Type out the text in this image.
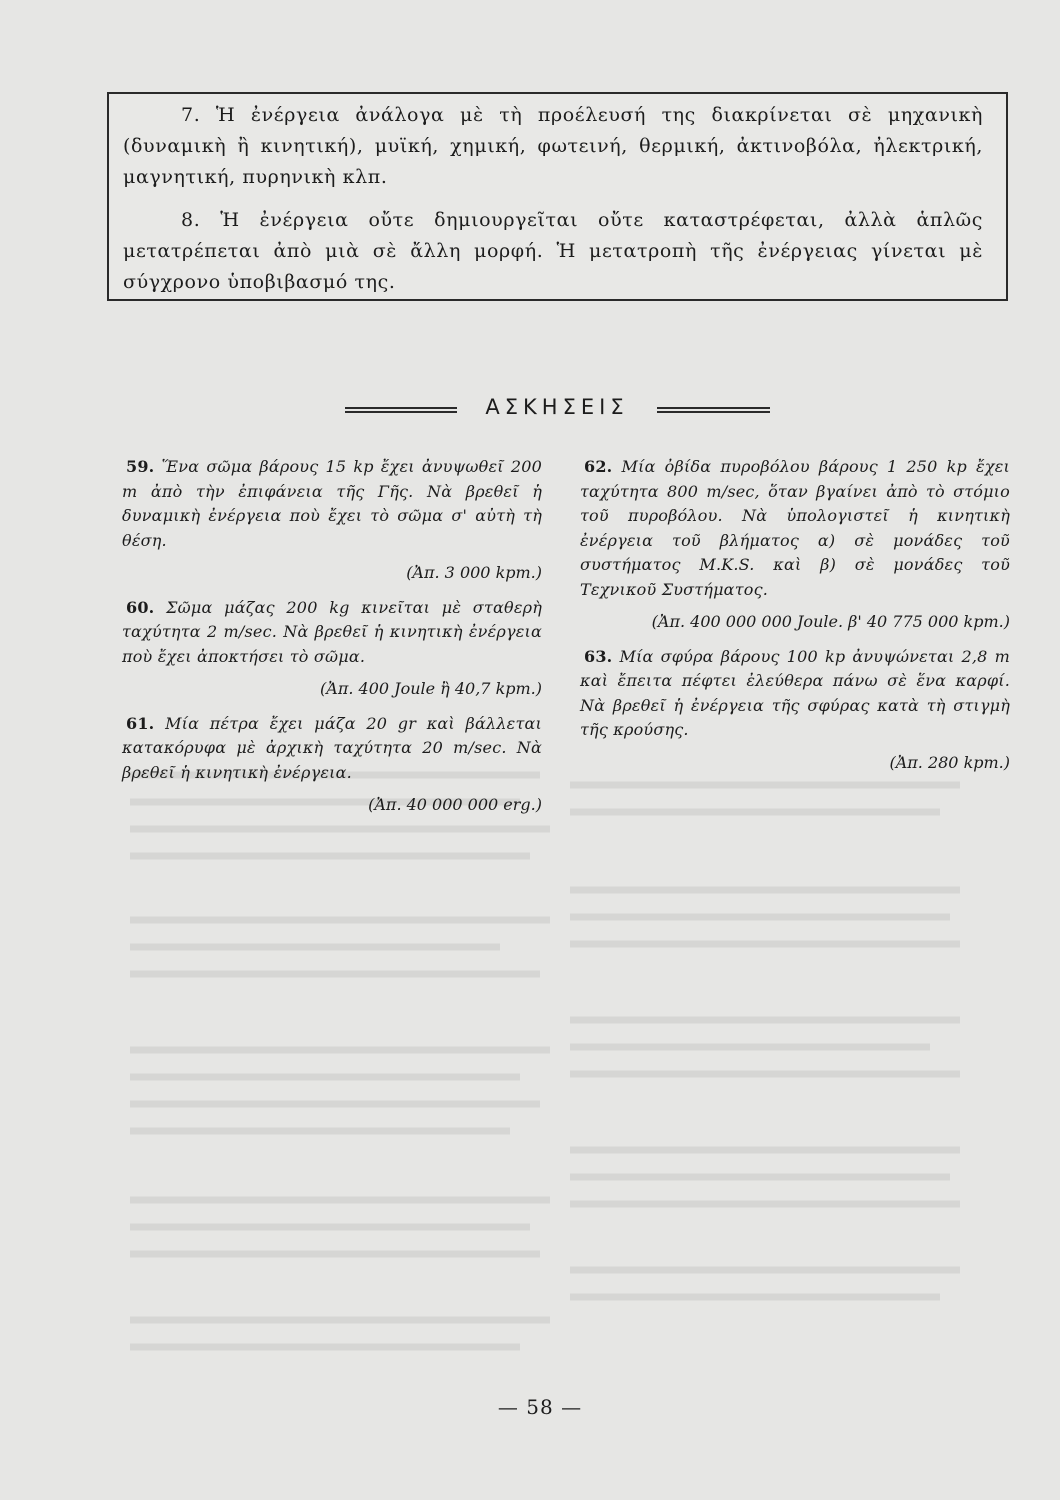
7. Ἡ ἐνέργεια ἀνάλογα μὲ τὴ προέλευσή της διακρίνεται σὲ μηχανικὴ (δυναμικὴ ἢ κινητική), μυϊκή, χημική, φωτεινή, θερμική, ἀκτινοβόλα, ἠλεκτρική, μαγνητική, πυρηνικὴ κλπ.

8. Ἡ ἐνέργεια οὔτε δημιουργεῖται οὔτε καταστρέφεται, ἀλλὰ ἁπλῶς μετατρέπεται ἀπὸ μιὰ σὲ ἄλλη μορφή. Ἡ μετατροπὴ τῆς ἐνέργειας γίνεται μὲ σύγχρονο ὑποβιβασμό της.

ΑΣΚΗΣΕΙΣ

59. Ἕνα σῶμα βάρους 15 kp ἔχει ἀνυψωθεῖ 200 m ἀπὸ τὴν ἐπιφάνεια τῆς Γῆς. Νὰ βρεθεῖ ἡ δυναμικὴ ἐνέργεια ποὺ ἔχει τὸ σῶμα σ' αὐτὴ τὴ θέση.

(Ἀπ. 3 000 kpm.)

60. Σῶμα μάζας 200 kg κινεῖται μὲ σταθερὴ ταχύτητα 2 m/sec. Νὰ βρεθεῖ ἡ κινητικὴ ἐνέργεια ποὺ ἔχει ἀποκτήσει τὸ σῶμα.

(Ἀπ. 400 Joule ἢ 40,7 kpm.)

61. Μία πέτρα ἔχει μάζα 20 gr καὶ βάλλεται κατακόρυφα μὲ ἀρχικὴ ταχύτητα 20 m/sec. Νὰ βρεθεῖ ἡ κινητικὴ ἐνέργεια.

(Ἀπ. 40 000 000 erg.)

62. Μία ὀβίδα πυροβόλου βάρους 1 250 kp ἔχει ταχύτητα 800 m/sec, ὅταν βγαίνει ἀπὸ τὸ στόμιο τοῦ πυροβόλου. Νὰ ὑπολογιστεῖ ἡ κινητικὴ ἐνέργεια τοῦ βλήματος α) σὲ μονάδες τοῦ συστήματος M.K.S. καὶ β) σὲ μονάδες τοῦ Τεχνικοῦ Συστήματος.

(Ἀπ. 400 000 000 Joule. β' 40 775 000 kpm.)

63. Μία σφύρα βάρους 100 kp ἀνυψώνεται 2,8 m καὶ ἔπειτα πέφτει ἐλεύθερα πάνω σὲ ἕνα καρφί. Νὰ βρεθεῖ ἡ ἐνέργεια τῆς σφύρας κατὰ τὴ στιγμὴ τῆς κρούσης.

(Ἀπ. 280 kpm.)

— 58 —
